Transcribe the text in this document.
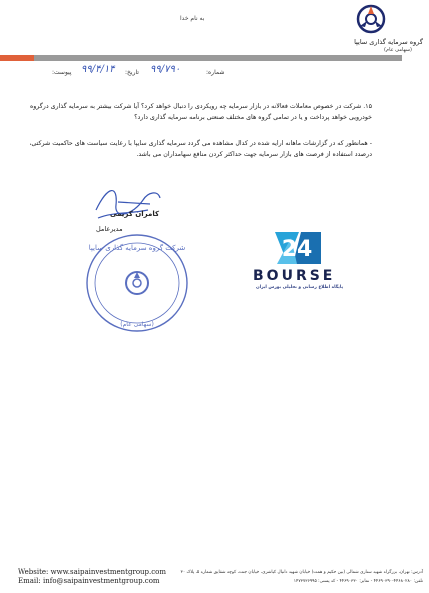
گروه سرمایه گذاری سایپا
(سهامی عام)
به نام خدا
شماره:
۹۹/۷۹۰
تاریخ:
۹۹/۴/۱۴
پیوست:
۱۵. شرکت در خصوص معاملات فعالانه در بازار سرمایه چه رویکردی را دنبال خواهد کرد؟ آیا شرکت بیشتر به سرمایه گذاری درگروه خودرویی خواهد پرداخت و یا در تمامی گروه های مختلف صنعتی برنامه سرمایه گذاری دارد؟
- همانطور که در گزارشات ماهانه ارایه شده در کدال مشاهده می گردد سرمایه گذاری سایپا با رعایت سیاست های حاکمیت شرکتی، درصدد استفاده از فرصت های بازار سرمایه جهت حداکثر کردن منافع سهامداران می باشد.
کامران کریمی
مدیرعامل
شرکت گروه سرمایه گذاری سایپا
(سهامی عام)
24
BOURSE
پایگاه اطلاع رسانی و تحلیلی بورس ایران
Website: www.saipainvestmentgroup.com
Email: info@saipainvestmentgroup.com
آدرس: تهران، بزرگراه شهید ستاری شمالی (بین حکیم و همت) خیابان شهید دانیال کیاشری، خیابان جنت، کوچه شقایق شماره ۵، پلاک ۳۰
تلفن: ۴۴۶۸۰۲۸۰-۴۴۶۹۰۳۹۰ - نمابر: ۴۴۶۹۰۳۳۰ - کد پستی: ۱۴۷۳۷۳۶۹۹۵
